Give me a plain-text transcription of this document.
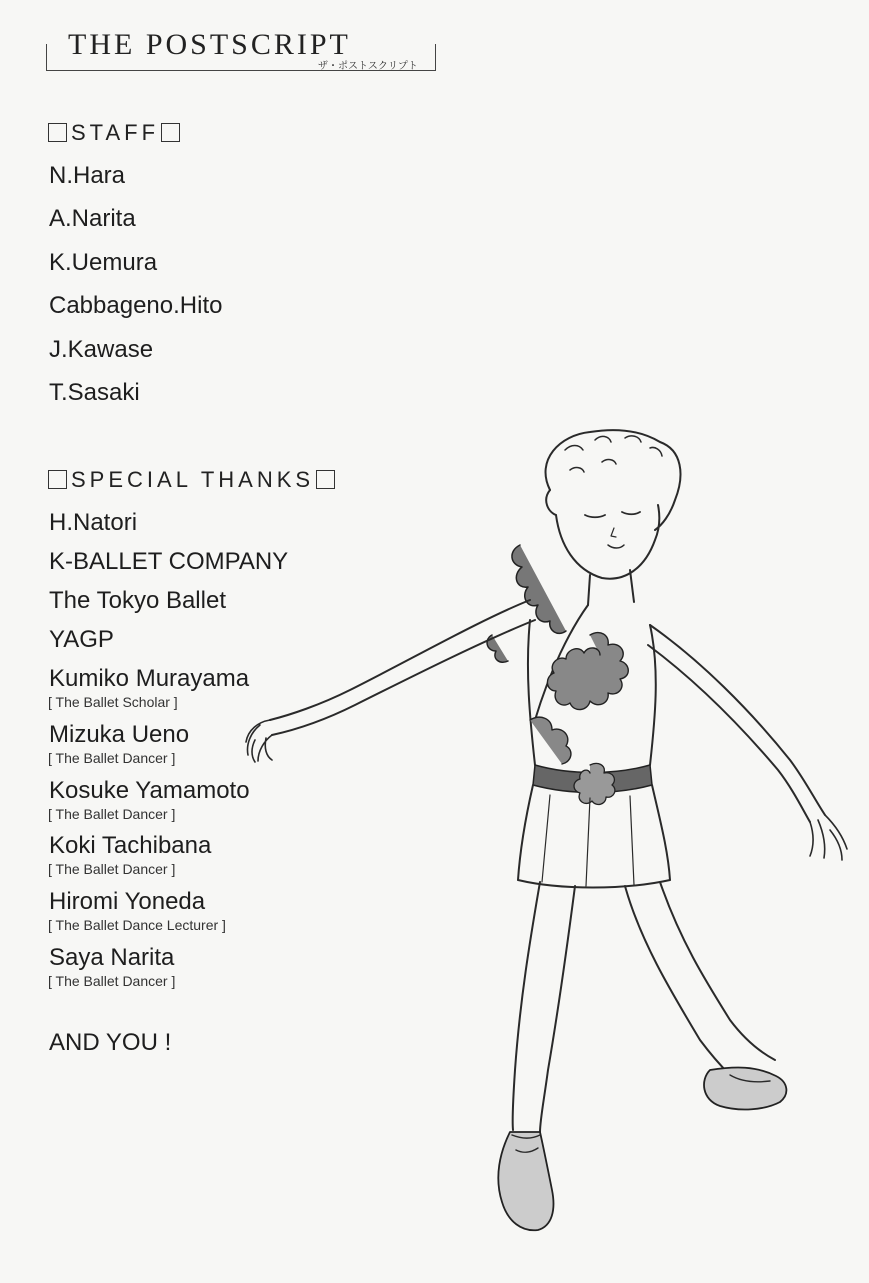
THE POSTSCRIPT
ザ・ポストスクリプト
STAFF
N.Hara
A.Narita
K.Uemura
Cabbageno.Hito
J.Kawase
T.Sasaki
SPECIAL THANKS
H.Natori
K-BALLET COMPANY
The Tokyo Ballet
YAGP
Kumiko Murayama
[ The Ballet Scholar ]
Mizuka Ueno
[ The Ballet Dancer ]
Kosuke Yamamoto
[ The Ballet Dancer ]
Koki Tachibana
[ The Ballet Dancer ]
Hiromi Yoneda
[ The Ballet Dance Lecturer ]
Saya Narita
[ The Ballet Dancer ]
AND YOU !
